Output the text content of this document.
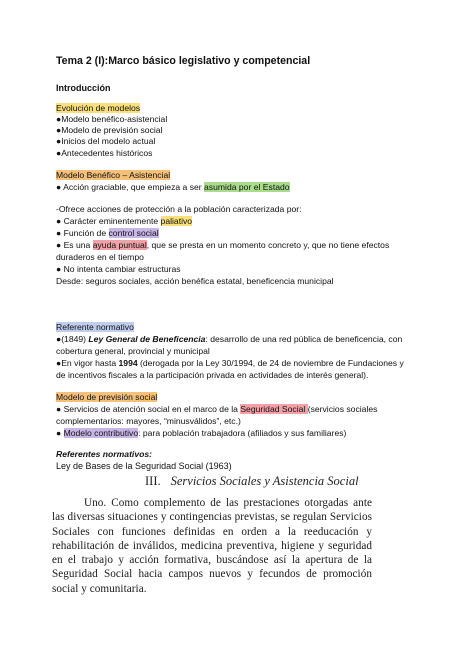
Tema 2 (I):Marco básico legislativo y competencial
Introducción
Evolución de modelos
●Modelo benéfico-asistencial
●Modelo de previsión social
●Inicios del modelo actual
●Antecedentes históricos
Modelo Benéfico – Asistencial
● Acción graciable, que empieza a ser asumida por el Estado
-Ofrece acciones de protección a la población caracterizada por:
● Carácter eminentemente paliativo
● Función de control social
● Es una ayuda puntual, que se presta en un momento concreto y, que no tiene efectos
duraderos en el tiempo
● No intenta cambiar estructuras
Desde: seguros sociales, acción benéfica estatal, beneficencia municipal
Referente normativo
●(1849) Ley General de Beneficencia: desarrollo de una red pública de beneficencia, con
cobertura general, provincial y municipal
●En vigor hasta 1994 (derogada por la Ley 30/1994, de 24 de noviembre de Fundaciones y
de incentivos fiscales a la participación privada en actividades de interés general).
Modelo de previsión social
● Servicios de atención social en el marco de la Seguridad Social (servicios sociales
complementarios: mayores, “minusválidos”, etc.)
● Modelo contributivo: para población trabajadora (afiliados y sus familiares)
Referentes normativos:
Ley de Bases de la Seguridad Social (1963)
III. Servicios Sociales y Asistencia Social
Uno. Como complemento de las prestaciones otorgadas ante las diversas situaciones y contingencias previstas, se regulan Servicios Sociales con funciones definidas en orden a la reeducación y rehabilitación de inválidos, medicina preventiva, higiene y seguridad en el trabajo y acción formativa, buscándose así la apertura de la Seguridad Social hacia campos nuevos y fecundos de promoción social y comunitaria.
